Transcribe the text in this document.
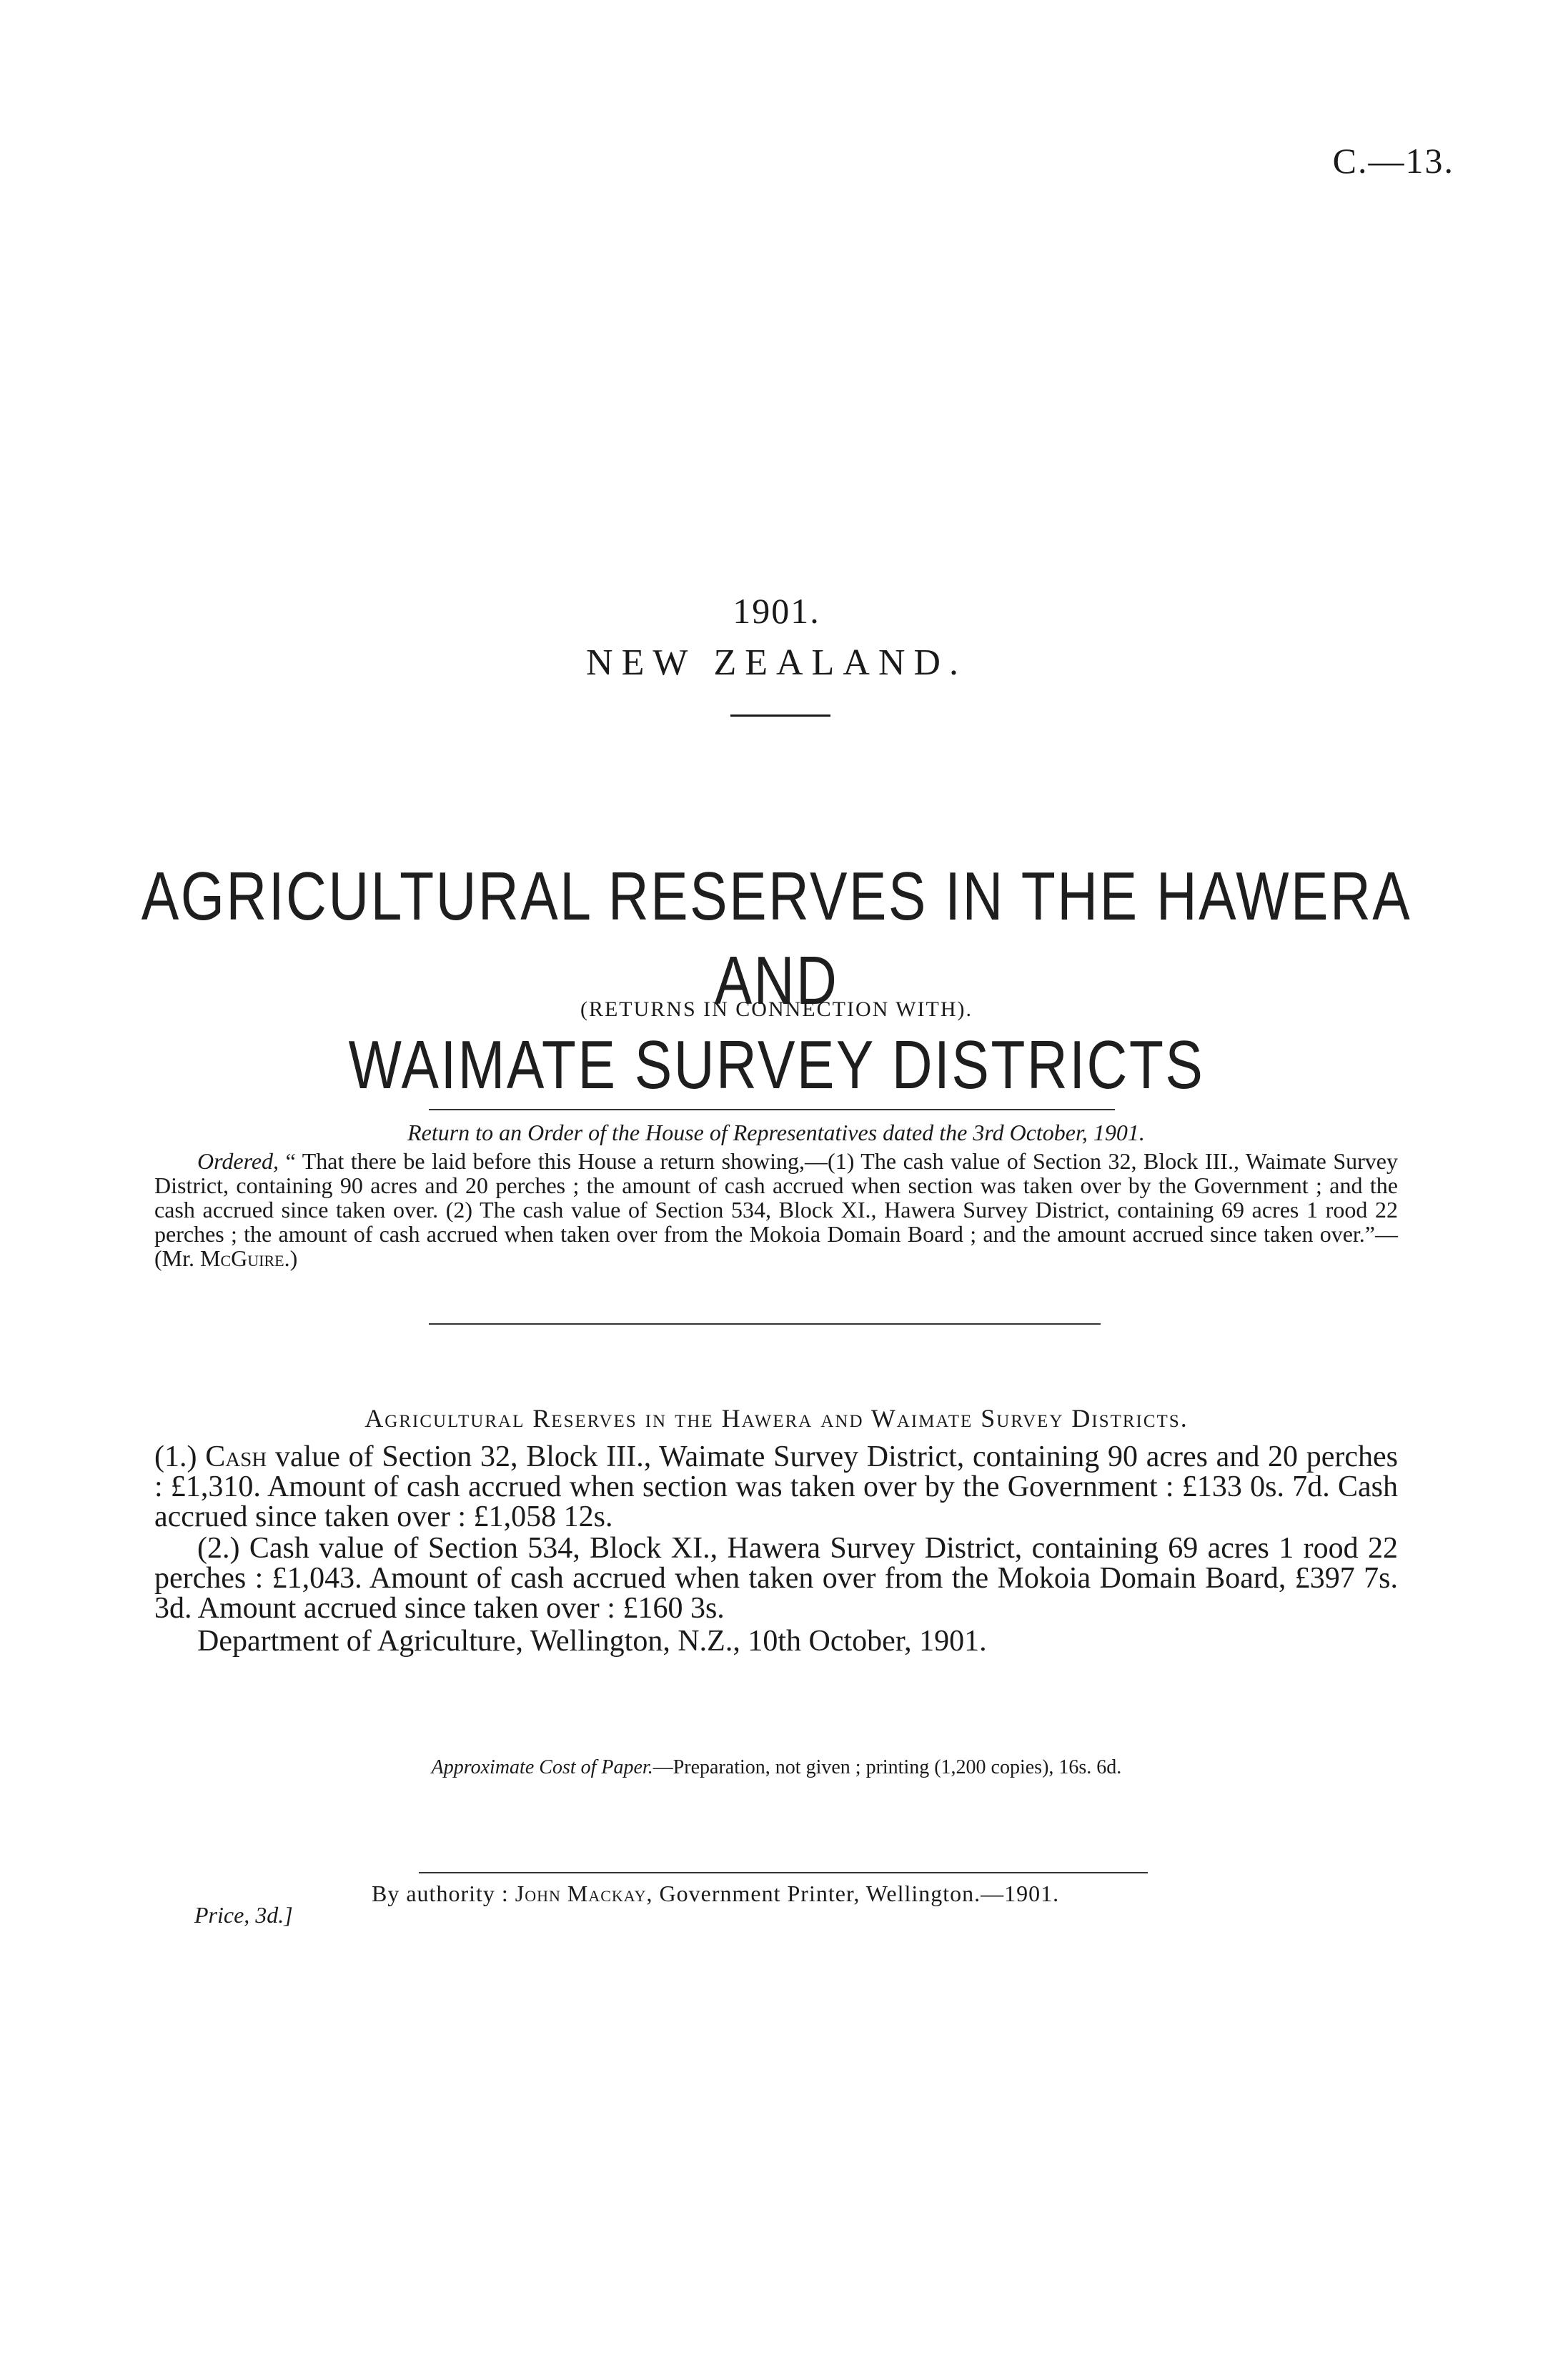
C.—13.
1901.
NEW ZEALAND.
AGRICULTURAL RESERVES IN THE HAWERA AND
WAIMATE SURVEY DISTRICTS
(RETURNS IN CONNECTION WITH).
Return to an Order of the House of Representatives dated the 3rd October, 1901.
Ordered, “ That there be laid before this House a return showing,—(1) The cash value of Section 32, Block III., Waimate Survey District, containing 90 acres and 20 perches ; the amount of cash accrued when section was taken over by the Government ; and the cash accrued since taken over. (2) The cash value of Section 534, Block XI., Hawera Survey District, containing 69 acres 1 rood 22 perches ; the amount of cash accrued when taken over from the Mokoia Domain Board ; and the amount accrued since taken over.”—(Mr. McGuire.)
Agricultural Reserves in the Hawera and Waimate Survey Districts.

(1.) Cash value of Section 32, Block III., Waimate Survey District, containing 90 acres and 20 perches : £1,310. Amount of cash accrued when section was taken over by the Government : £133 0s. 7d. Cash accrued since taken over : £1,058 12s.

(2.) Cash value of Section 534, Block XI., Hawera Survey District, containing 69 acres 1 rood 22 perches : £1,043. Amount of cash accrued when taken over from the Mokoia Domain Board, £397 7s. 3d. Amount accrued since taken over : £160 3s.

Department of Agriculture, Wellington, N.Z., 10th October, 1901.

Approximate Cost of Paper.—Preparation, not given ; printing (1,200 copies), 16s. 6d.
Price, 3d.]
By authority : John Mackay, Government Printer, Wellington.—1901.
